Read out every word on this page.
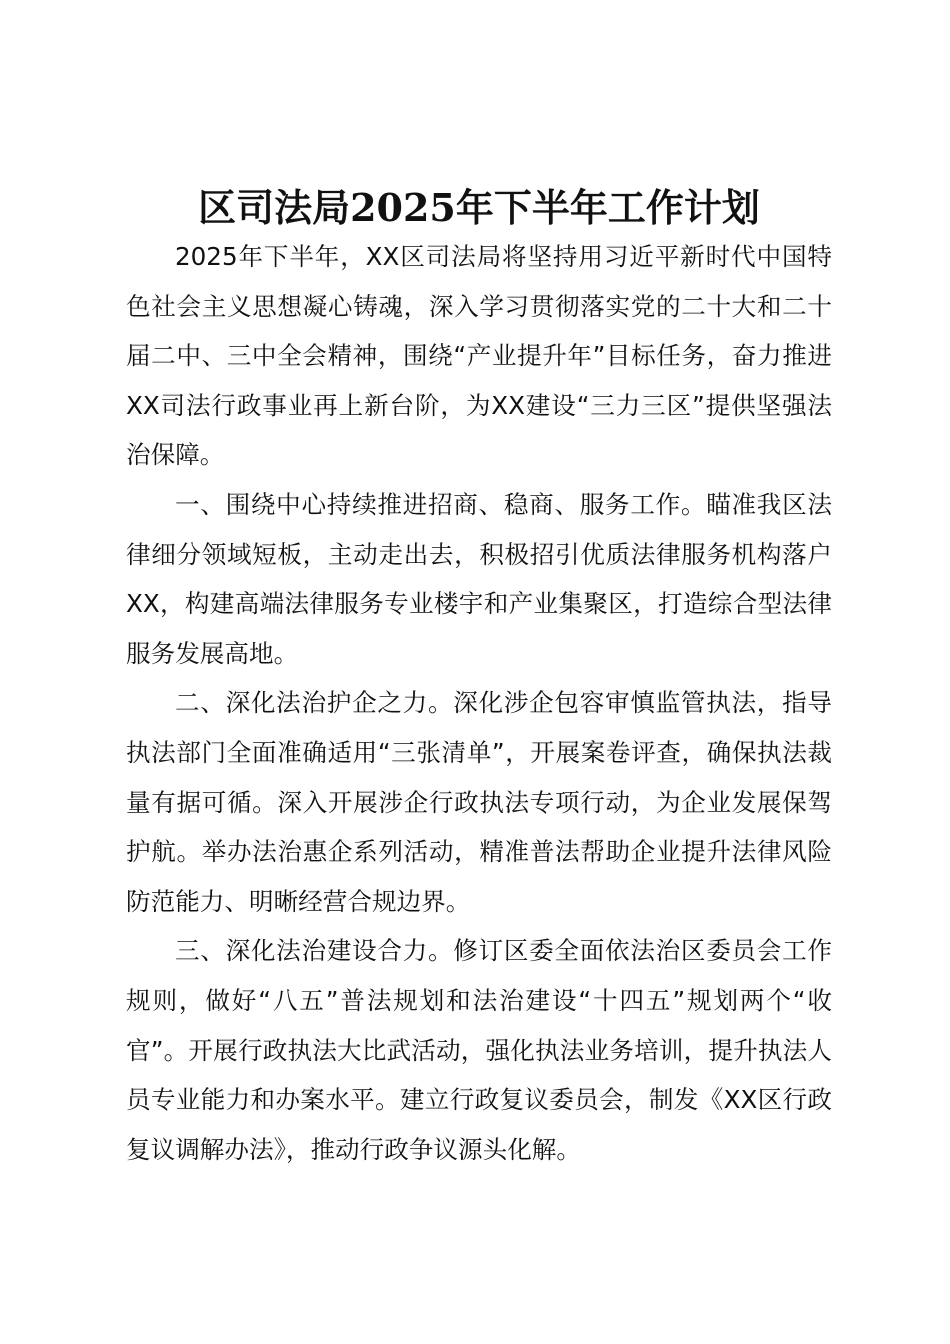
区司法局2025年下半年工作计划

2025年下半年，XX区司法局将坚持用习近平新时代中国特色社会主义思想凝心铸魂，深入学习贯彻落实党的二十大和二十届二中、三中全会精神，围绕“产业提升年”目标任务，奋力推进XX司法行政事业再上新台阶，为XX建设“三力三区”提供坚强法治保障。

一、围绕中心持续推进招商、稳商、服务工作。瞄准我区法律细分领域短板，主动走出去，积极招引优质法律服务机构落户XX，构建高端法律服务专业楼宇和产业集聚区，打造综合型法律服务发展高地。

二、深化法治护企之力。深化涉企包容审慎监管执法，指导执法部门全面准确适用“三张清单”，开展案卷评查，确保执法裁量有据可循。深入开展涉企行政执法专项行动，为企业发展保驾护航。举办法治惠企系列活动，精准普法帮助企业提升法律风险防范能力、明晰经营合规边界。

三、深化法治建设合力。修订区委全面依法治区委员会工作规则，做好“八五”普法规划和法治建设“十四五”规划两个“收官”。开展行政执法大比武活动，强化执法业务培训，提升执法人员专业能力和办案水平。建立行政复议委员会，制发《XX区行政复议调解办法》，推动行政争议源头化解。
